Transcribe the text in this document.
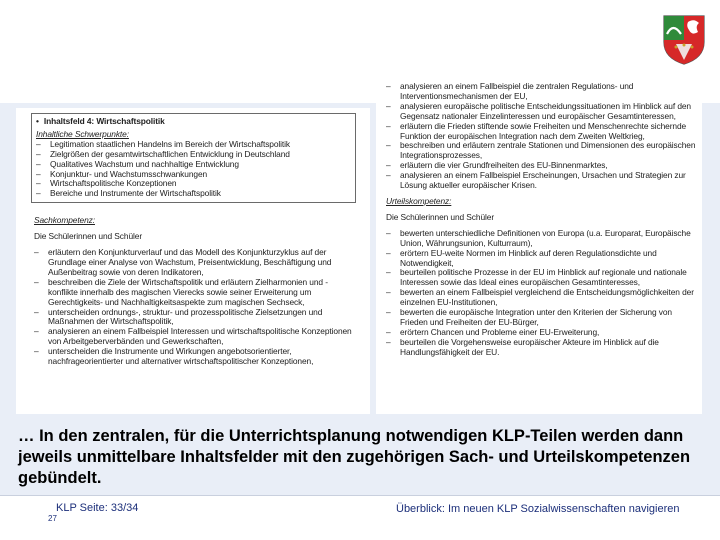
• Inhaltsfeld 4: Wirtschaftspolitik
Inhaltliche Schwerpunkte:
– Legitimation staatlichen Handelns im Bereich der Wirtschaftspolitik
– Zielgrößen der gesamtwirtschaftlichen Entwicklung in Deutschland
– Qualitatives Wachstum und nachhaltige Entwicklung
– Konjunktur- und Wachstumsschwankungen
– Wirtschaftspolitische Konzeptionen
– Bereiche und Instrumente der Wirtschaftspolitik
Sachkompetenz:
Die Schülerinnen und Schüler
– erläutern den Konjunkturverlauf und das Modell des Konjunkturzyklus auf der Grundlage einer Analyse von Wachstum, Preisentwicklung, Beschäftigung und Außenbeitrag sowie von deren Indikatoren,
– beschreiben die Ziele der Wirtschaftspolitik und erläutern Zielharmonien und -konflikte innerhalb des magischen Vierecks sowie seiner Erweiterung um Gerechtigkeits- und Nachhaltigkeitsaspekte zum magischen Sechseck,
– unterscheiden ordnungs-, struktur- und prozesspolitische Zielsetzungen und Maßnahmen der Wirtschaftspolitik,
– analysieren an einem Fallbeispiel Interessen und wirtschaftspolitische Konzeptionen von Arbeitgeberverbänden und Gewerkschaften,
– unterscheiden die Instrumente und Wirkungen angebotsorientierter, nachfrageorientierter und alternativer wirtschaftspolitischer Konzeptionen,
– analysieren an einem Fallbeispiel die zentralen Regulations- und Interventionsmechanismen der EU,
– analysieren europäische politische Entscheidungssituationen im Hinblick auf den Gegensatz nationaler Einzelinteressen und europäischer Gesamtinteressen,
– erläutern die Frieden stiftende sowie Freiheiten und Menschenrechte sichernde Funktion der europäischen Integration nach dem Zweiten Weltkrieg,
– beschreiben und erläutern zentrale Stationen und Dimensionen des europäischen Integrationsprozesses,
– erläutern die vier Grundfreiheiten des EU-Binnenmarktes,
– analysieren an einem Fallbeispiel Erscheinungen, Ursachen und Strategien zur Lösung aktueller europäischer Krisen.
Urteilskompetenz:
Die Schülerinnen und Schüler
– bewerten unterschiedliche Definitionen von Europa (u.a. Europarat, Europäische Union, Währungsunion, Kulturraum),
– erörtern EU-weite Normen im Hinblick auf deren Regulationsdichte und Notwendigkeit,
– beurteilen politische Prozesse in der EU im Hinblick auf regionale und nationale Interessen sowie das Ideal eines europäischen Gesamtinteresses,
– bewerten an einem Fallbeispiel vergleichend die Entscheidungsmöglichkeiten der einzelnen EU-Institutionen,
– bewerten die europäische Integration unter den Kriterien der Sicherung von Frieden und Freiheiten der EU-Bürger,
– erörtern Chancen und Probleme einer EU-Erweiterung,
– beurteilen die Vorgehensweise europäischer Akteure im Hinblick auf die Handlungsfähigkeit der EU.
… In den zentralen, für die Unterrichtsplanung notwendigen KLP-Teilen werden dann jeweils unmittelbare Inhaltsfelder mit den zugehörigen Sach- und Urteilskompetenzen gebündelt.
KLP Seite: 33/34
27
Überblick: Im neuen KLP Sozialwissenschaften navigieren
